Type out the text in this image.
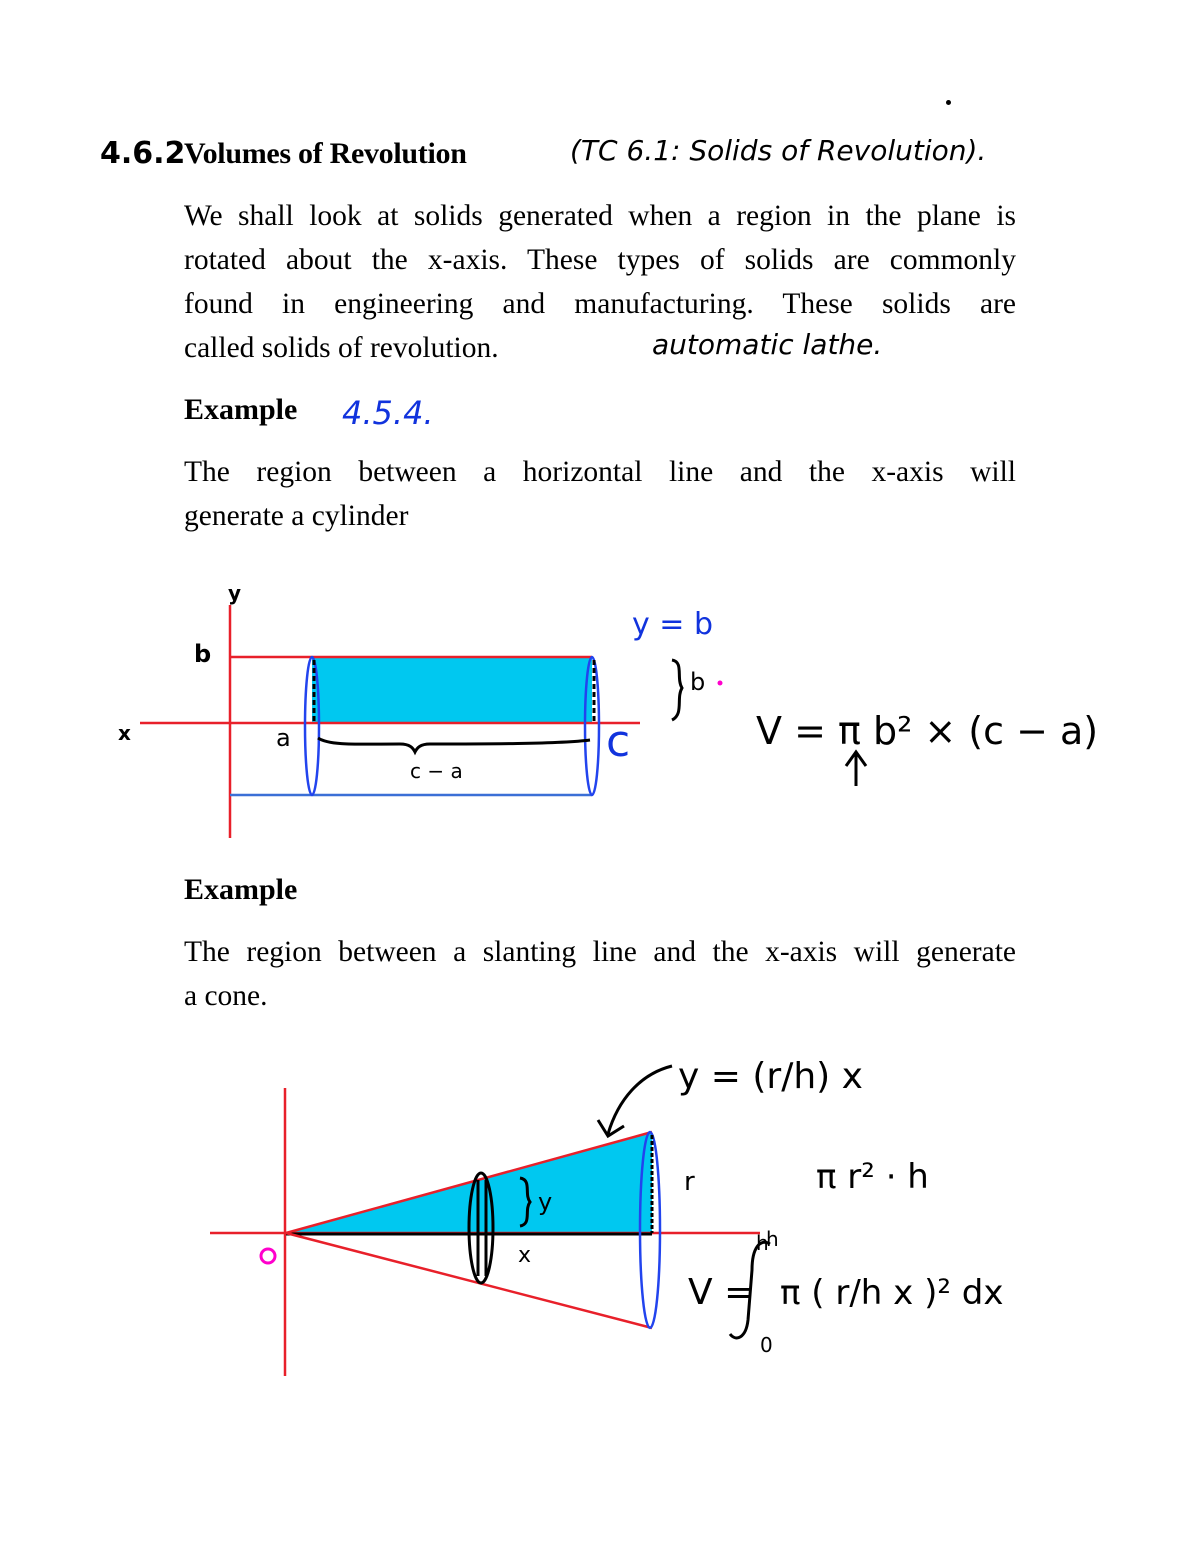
4.6.2
Volumes of Revolution	(TC 6.1: Solids of Revolution).
We shall look at solids generated when a region in the plane is
rotated about the x-axis. These types of solids are commonly
found in engineering and manufacturing. These solids are
called solids of revolution.	automatic lathe.
Example 4.5.4.
The region between a horizontal line and the x-axis will
generate a cylinder
y
x
b
a
c − a
c
y = b
b
V = π b² × (c − a)
Example
The region between a slanting line and the x-axis will generate
a cone.
y
x
r
h
y = (r/h) x
π r² · h
V =
h
0
π ( r/h x )² dx
